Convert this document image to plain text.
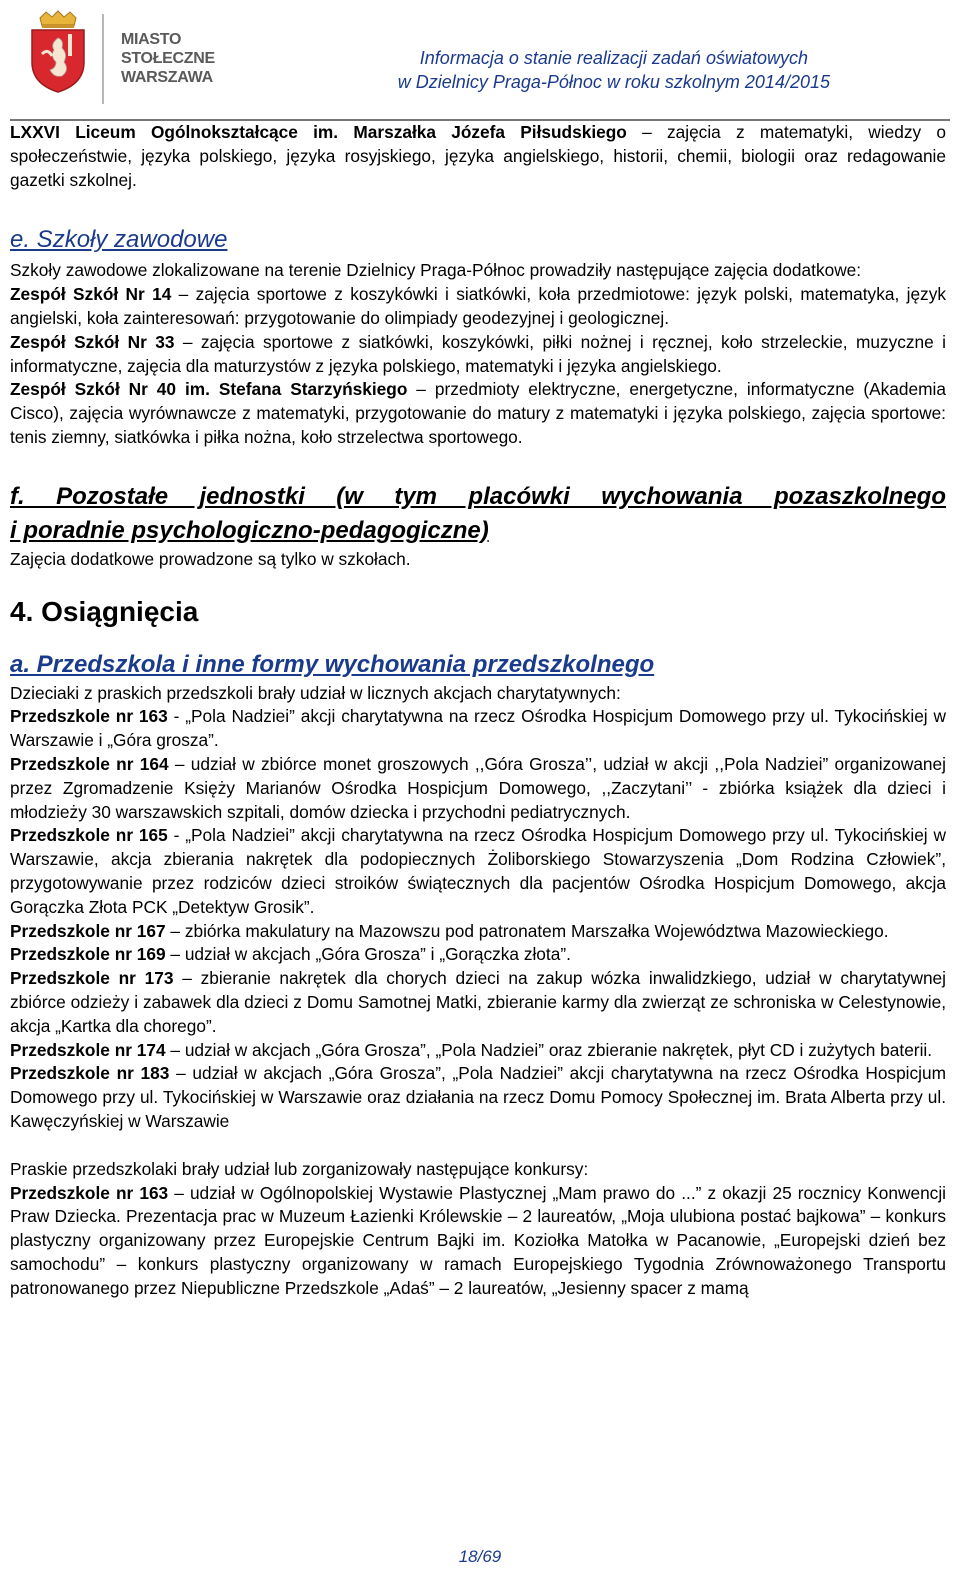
MIASTO
STOŁECZNE
WARSZAWA
Informacja o stanie realizacji zadań oświatowych
w Dzielnicy Praga-Północ w roku szkolnym 2014/2015

LXXVI Liceum Ogólnokształcące im. Marszałka Józefa Piłsudskiego – zajęcia z matematyki, wiedzy o społeczeństwie, języka polskiego, języka rosyjskiego, języka angielskiego, historii, chemii, biologii oraz redagowanie gazetki szkolnej.

e. Szkoły zawodowe

Szkoły zawodowe zlokalizowane na terenie Dzielnicy Praga-Północ prowadziły następujące zajęcia dodatkowe:

Zespół Szkół Nr 14 – zajęcia sportowe z koszykówki i siatkówki, koła przedmiotowe: język polski, matematyka, język angielski, koła zainteresowań: przygotowanie do olimpiady geodezyjnej i geologicznej.

Zespół Szkół Nr 33 – zajęcia sportowe z siatkówki, koszykówki, piłki nożnej i ręcznej, koło strzeleckie, muzyczne i informatyczne, zajęcia dla maturzystów z języka polskiego, matematyki i języka angielskiego.

Zespół Szkół Nr 40 im. Stefana Starzyńskiego – przedmioty elektryczne, energetyczne, informatyczne (Akademia Cisco), zajęcia wyrównawcze z matematyki, przygotowanie do matury z matematyki i języka polskiego, zajęcia sportowe: tenis ziemny, siatkówka i piłka nożna, koło strzelectwa sportowego.

f. Pozostałe jednostki (w tym placówki wychowania pozaszkolnego
i poradnie psychologiczno-pedagogiczne)

Zajęcia dodatkowe prowadzone są tylko w szkołach.

4. Osiągnięcia
a. Przedszkola i inne formy wychowania przedszkolnego

Dzieciaki z praskich przedszkoli brały udział w licznych akcjach charytatywnych:

Przedszkole nr 163 - „Pola Nadziei” akcji charytatywna na rzecz Ośrodka Hospicjum Domowego przy ul. Tykocińskiej w Warszawie i „Góra grosza”.

Przedszkole nr 164 – udział w zbiórce monet groszowych ,,Góra Grosza’’, udział w akcji ,,Pola Nadziei” organizowanej przez Zgromadzenie Księży Marianów Ośrodka Hospicjum Domowego, ,,Zaczytani’’ - zbiórka książek dla dzieci i młodzieży 30 warszawskich szpitali, domów dziecka i przychodni pediatrycznych.

Przedszkole nr 165 - „Pola Nadziei” akcji charytatywna na rzecz Ośrodka Hospicjum Domowego przy ul. Tykocińskiej w Warszawie, akcja zbierania nakrętek dla podopiecznych Żoliborskiego Stowarzyszenia „Dom Rodzina Człowiek”, przygotowywanie przez rodziców dzieci stroików świątecznych dla pacjentów Ośrodka Hospicjum Domowego, akcja Gorączka Złota PCK „Detektyw Grosik”.

Przedszkole nr 167 – zbiórka makulatury na Mazowszu pod patronatem Marszałka Województwa Mazowieckiego.

Przedszkole nr 169 – udział w akcjach „Góra Grosza” i „Gorączka złota”.

Przedszkole nr 173 – zbieranie nakrętek dla chorych dzieci na zakup wózka inwalidzkiego, udział w charytatywnej zbiórce odzieży i zabawek dla dzieci z Domu Samotnej Matki, zbieranie karmy dla zwierząt ze schroniska w Celestynowie, akcja „Kartka dla chorego”.

Przedszkole nr 174 – udział w akcjach „Góra Grosza”, „Pola Nadziei” oraz zbieranie nakrętek, płyt CD i zużytych baterii.

Przedszkole nr 183 – udział w akcjach „Góra Grosza”, „Pola Nadziei” akcji charytatywna na rzecz Ośrodka Hospicjum Domowego przy ul. Tykocińskiej w Warszawie oraz działania na rzecz Domu Pomocy Społecznej im. Brata Alberta przy ul. Kawęczyńskiej w Warszawie

Praskie przedszkolaki brały udział lub zorganizowały następujące konkursy:

Przedszkole nr 163 – udział w Ogólnopolskiej Wystawie Plastycznej „Mam prawo do ...” z okazji 25 rocznicy Konwencji Praw Dziecka. Prezentacja prac w Muzeum Łazienki Królewskie – 2 laureatów, „Moja ulubiona postać bajkowa” – konkurs plastyczny organizowany przez Europejskie Centrum Bajki im. Koziołka Matołka w Pacanowie, „Europejski dzień bez samochodu” – konkurs plastyczny organizowany w ramach Europejskiego Tygodnia Zrównoważonego Transportu patronowanego przez Niepubliczne Przedszkole „Adaś” – 2 laureatów, „Jesienny spacer z mamą

18/69
